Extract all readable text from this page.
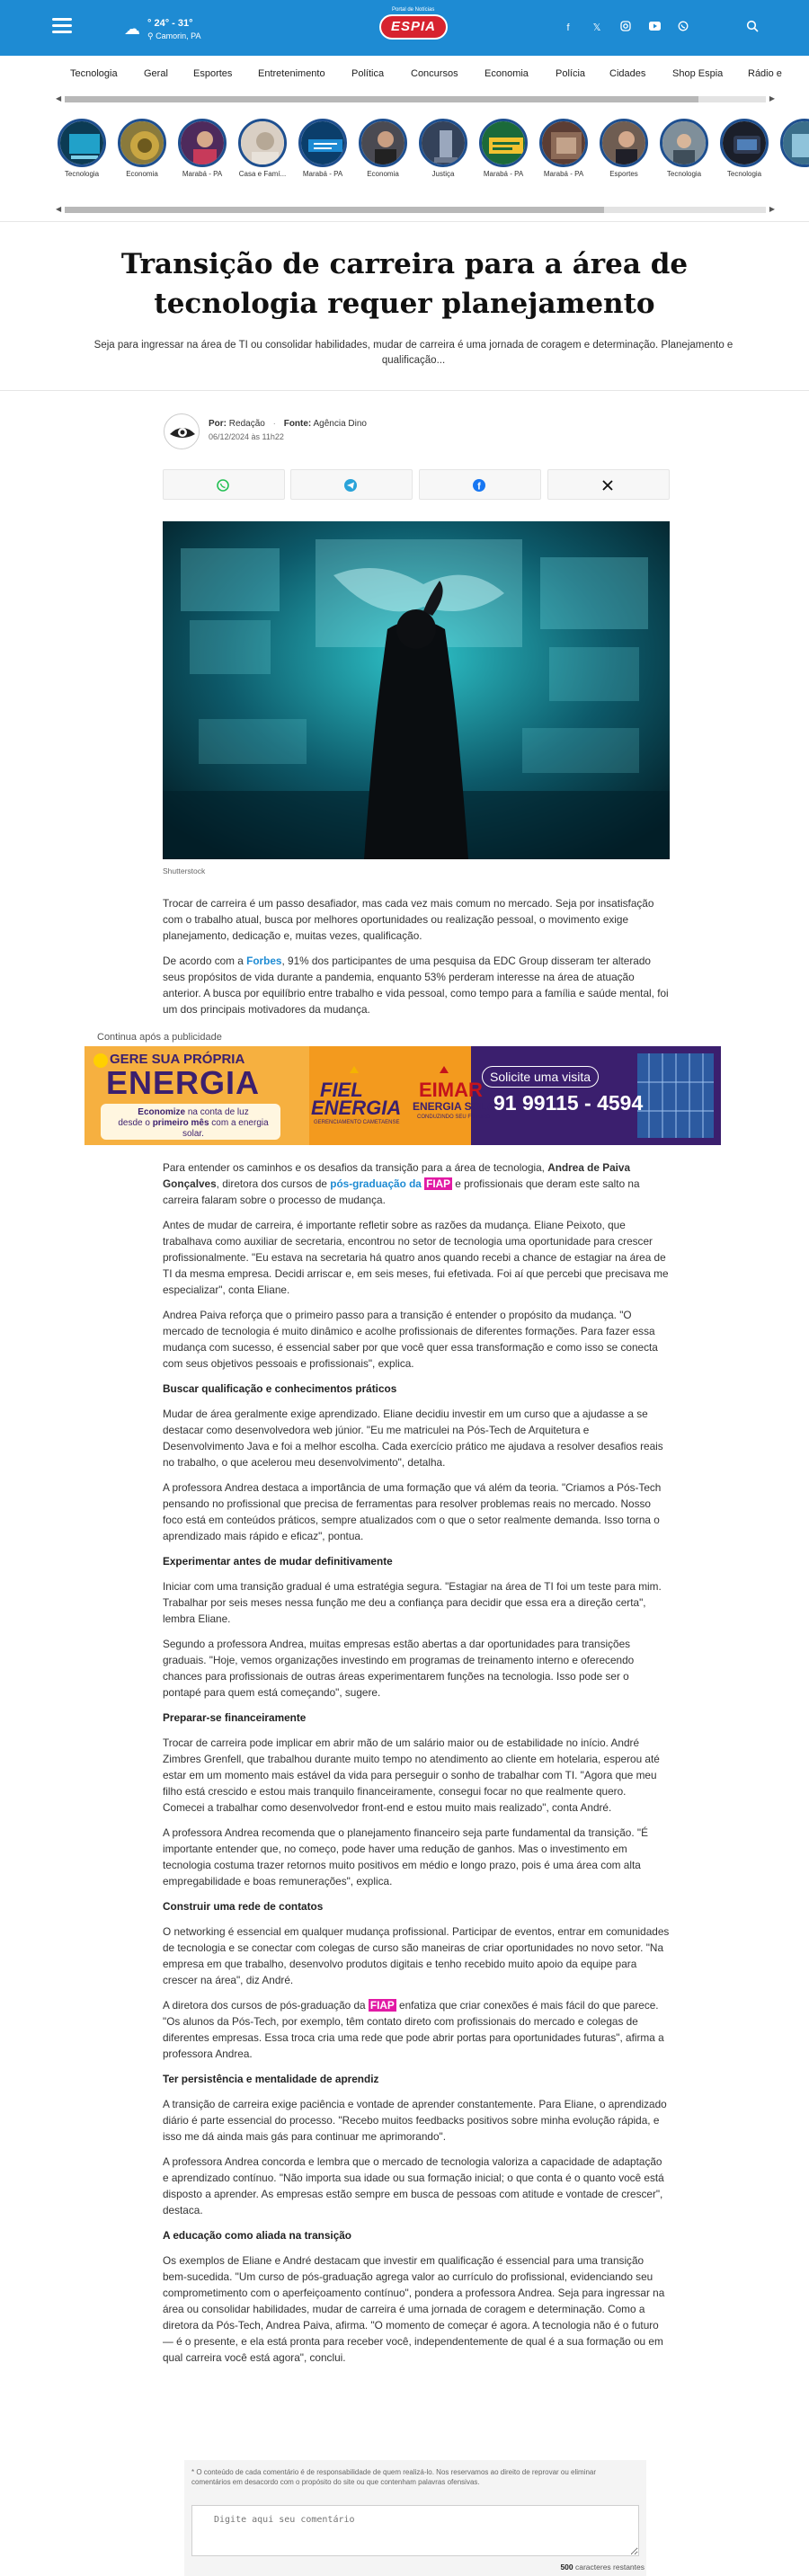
☁ ° 24° - 31°
⚲ Camorin, PA
Portal de Notícias
ESPIA	f	𝕏
Tecnologia	Geral	Esportes	Entretenimento	Política	Concursos	Economia	Polícia Cidades	Shop Espia	Rádio e
◀	▶
Tecnologia	Economia	Marabá - PA	Casa e Famí...	Marabá - PA	Economia	Justiça	Marabá - PA	Marabá - PA	Esportes	Tecnologia	Tecnologia
◀	▶
Transição de carreira para a área de tecnologia requer planejamento

Seja para ingressar na área de TI ou consolidar habilidades, mudar de carreira é uma jornada de coragem e determinação. Planejamento e qualificação...

Por: Redação · Fonte: Agência Dino
06/12/2024 às 11h22
f
Shutterstock

Trocar de carreira é um passo desafiador, mas cada vez mais comum no mercado. Seja por insatisfação com o trabalho atual, busca por melhores oportunidades ou realização pessoal, o movimento exige planejamento, dedicação e, muitas vezes, qualificação.

De acordo com a Forbes, 91% dos participantes de uma pesquisa da EDC Group disseram ter alterado seus propósitos de vida durante a pandemia, enquanto 53% perderam interesse na área de atuação anterior. A busca por equilíbrio entre trabalho e vida pessoal, como tempo para a família e saúde mental, foi um dos principais motivadores da mudança.

Continua após a publicidade
GERE SUA PRÓPRIA
ENERGIA
Economize na conta de luz
desde o primeiro mês com a energia solar.
FIEL
ENERGIA
GERENCIAMENTO CAMETAENSE
EIMAR
ENERGIA SOLAR
CONDUZINDO SEU FUTURO
Solicite uma visita
91 99115 - 4594

Para entender os caminhos e os desafios da transição para a área de tecnologia, Andrea de Paiva Gonçalves, diretora dos cursos de pós-graduação da FIAP e profissionais que deram este salto na carreira falaram sobre o processo de mudança.

Antes de mudar de carreira, é importante refletir sobre as razões da mudança. Eliane Peixoto, que trabalhava como auxiliar de secretaria, encontrou no setor de tecnologia uma oportunidade para crescer profissionalmente. "Eu estava na secretaria há quatro anos quando recebi a chance de estagiar na área de TI da mesma empresa. Decidi arriscar e, em seis meses, fui efetivada. Foi aí que percebi que precisava me especializar", conta Eliane.

Andrea Paiva reforça que o primeiro passo para a transição é entender o propósito da mudança. "O mercado de tecnologia é muito dinâmico e acolhe profissionais de diferentes formações. Para fazer essa mudança com sucesso, é essencial saber por que você quer essa transformação e como isso se conecta com seus objetivos pessoais e profissionais", explica.

Buscar qualificação e conhecimentos práticos

Mudar de área geralmente exige aprendizado. Eliane decidiu investir em um curso que a ajudasse a se destacar como desenvolvedora web júnior. "Eu me matriculei na Pós-Tech de Arquitetura e Desenvolvimento Java e foi a melhor escolha. Cada exercício prático me ajudava a resolver desafios reais no trabalho, o que acelerou meu desenvolvimento", detalha.

A professora Andrea destaca a importância de uma formação que vá além da teoria. "Criamos a Pós-Tech pensando no profissional que precisa de ferramentas para resolver problemas reais no mercado. Nosso foco está em conteúdos práticos, sempre atualizados com o que o setor realmente demanda. Isso torna o aprendizado mais rápido e eficaz", pontua.

Experimentar antes de mudar definitivamente

Iniciar com uma transição gradual é uma estratégia segura. "Estagiar na área de TI foi um teste para mim. Trabalhar por seis meses nessa função me deu a confiança para decidir que essa era a direção certa", lembra Eliane.

Segundo a professora Andrea, muitas empresas estão abertas a dar oportunidades para transições graduais. "Hoje, vemos organizações investindo em programas de treinamento interno e oferecendo chances para profissionais de outras áreas experimentarem funções na tecnologia. Isso pode ser o pontapé para quem está começando", sugere.

Preparar-se financeiramente

Trocar de carreira pode implicar em abrir mão de um salário maior ou de estabilidade no início. André Zimbres Grenfell, que trabalhou durante muito tempo no atendimento ao cliente em hotelaria, esperou até estar em um momento mais estável da vida para perseguir o sonho de trabalhar com TI. "Agora que meu filho está crescido e estou mais tranquilo financeiramente, consegui focar no que realmente quero. Comecei a trabalhar como desenvolvedor front-end e estou muito mais realizado", conta André.

A professora Andrea recomenda que o planejamento financeiro seja parte fundamental da transição. "É importante entender que, no começo, pode haver uma redução de ganhos. Mas o investimento em tecnologia costuma trazer retornos muito positivos em médio e longo prazo, pois é uma área com alta empregabilidade e boas remunerações", explica.

Construir uma rede de contatos

O networking é essencial em qualquer mudança profissional. Participar de eventos, entrar em comunidades de tecnologia e se conectar com colegas de curso são maneiras de criar oportunidades no novo setor. "Na empresa em que trabalho, desenvolvo produtos digitais e tenho recebido muito apoio da equipe para crescer na área", diz André.

A diretora dos cursos de pós-graduação da FIAP enfatiza que criar conexões é mais fácil do que parece. "Os alunos da Pós-Tech, por exemplo, têm contato direto com profissionais do mercado e colegas de diferentes empresas. Essa troca cria uma rede que pode abrir portas para oportunidades futuras", afirma a professora Andrea.

Ter persistência e mentalidade de aprendiz

A transição de carreira exige paciência e vontade de aprender constantemente. Para Eliane, o aprendizado diário é parte essencial do processo. "Recebo muitos feedbacks positivos sobre minha evolução rápida, e isso me dá ainda mais gás para continuar me aprimorando".

A professora Andrea concorda e lembra que o mercado de tecnologia valoriza a capacidade de adaptação e aprendizado contínuo. "Não importa sua idade ou sua formação inicial; o que conta é o quanto você está disposto a aprender. As empresas estão sempre em busca de pessoas com atitude e vontade de crescer", destaca.

A educação como aliada na transição

Os exemplos de Eliane e André destacam que investir em qualificação é essencial para uma transição bem-sucedida. "Um curso de pós-graduação agrega valor ao currículo do profissional, evidenciando seu comprometimento com o aperfeiçoamento contínuo", pondera a professora Andrea. Seja para ingressar na área ou consolidar habilidades, mudar de carreira é uma jornada de coragem e determinação. Como a diretora da Pós-Tech, Andrea Paiva, afirma. "O momento de começar é agora. A tecnologia não é o futuro — é o presente, e ela está pronta para receber você, independentemente de qual é a sua formação ou em qual carreira você está agora", conclui.

* O conteúdo de cada comentário é de responsabilidade de quem realizá-lo. Nos reservamos ao direito de reprovar ou eliminar comentários em desacordo com o propósito do site ou que contenham palavras ofensivas.
Digite aqui seu comentário
500 caracteres restantes
